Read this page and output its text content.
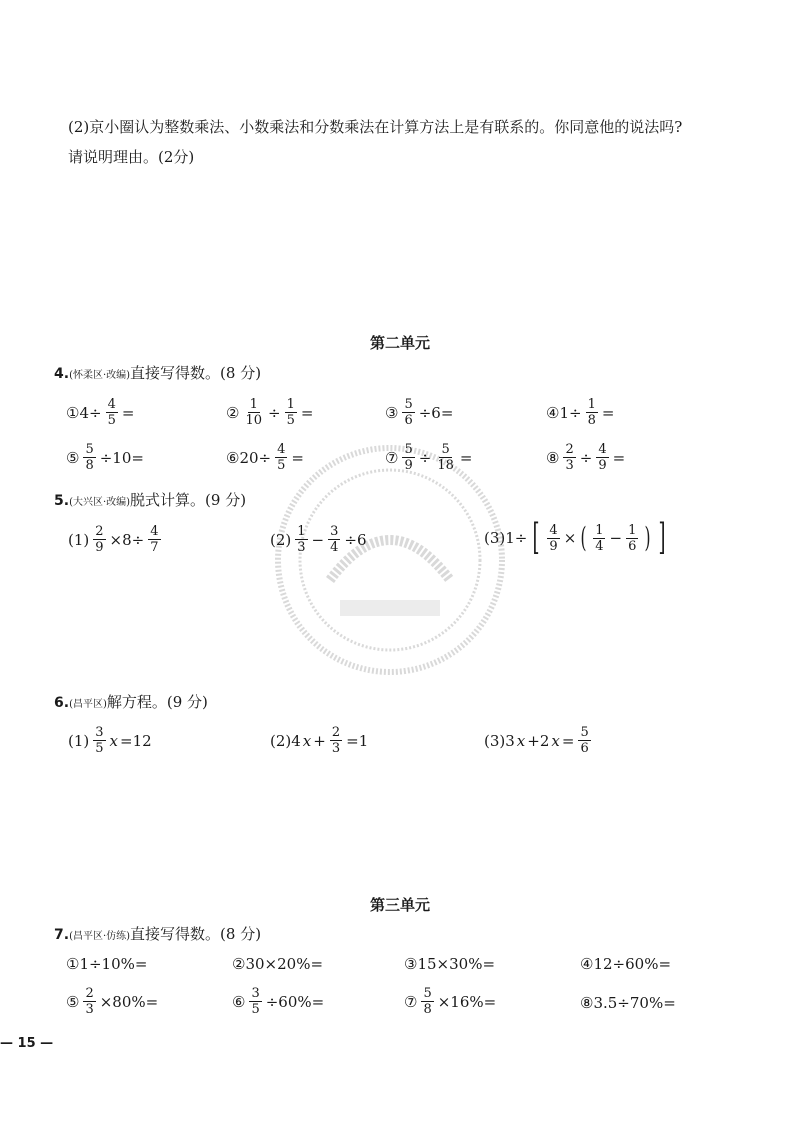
(2)京小圈认为整数乘法、小数乘法和分数乘法在计算方法上是有联系的。你同意他的说法吗?
请说明理由。(2分)
第二单元
4.(怀柔区·改编)直接写得数。(8 分)
①4÷ $\frac{4}{5}$ =	② $\frac{1}{10} \div \frac{1}{5}$ =	③ $\frac{5}{6} \div 6=$	④1÷ $\frac{1}{8}$ =
⑤ $\frac{5}{8} \div 10=$	⑥20÷ $\frac{4}{5}$ =	⑦ $\frac{5}{9} \div \frac{5}{18}$ =	⑧ $\frac{2}{3} \div \frac{4}{9}$ =
5.(大兴区·改编)脱式计算。(9 分)
$(1) \frac{2}{9} \times 8\div \frac{4}{7}$	$(2) \frac{1}{3} - \frac{3}{4} \div 6$	(3)1÷ [ $\frac{4}{9}$ × ( $\frac{1}{4} - \frac{1}{6}$ ) ]
6.(昌平区)解方程。(9 分)
$(1) \frac{3}{5}$ x =12	(2)4 $x + \frac{2}{3} =1$	(3)3 x +2 $x = \frac{5}{6}$
第三单元
7.(昌平区·仿练)直接写得数。(8 分)
①1÷10%=	②30×20%=	③15×30%=	④12÷60%=
⑤ $\frac{2}{3} \times 80\%=$	⑥ $\frac{3}{5} \div 60\%=$	⑦ $\frac{5}{8} \times 16\%=$	⑧3.5÷70%=
— 15 —
